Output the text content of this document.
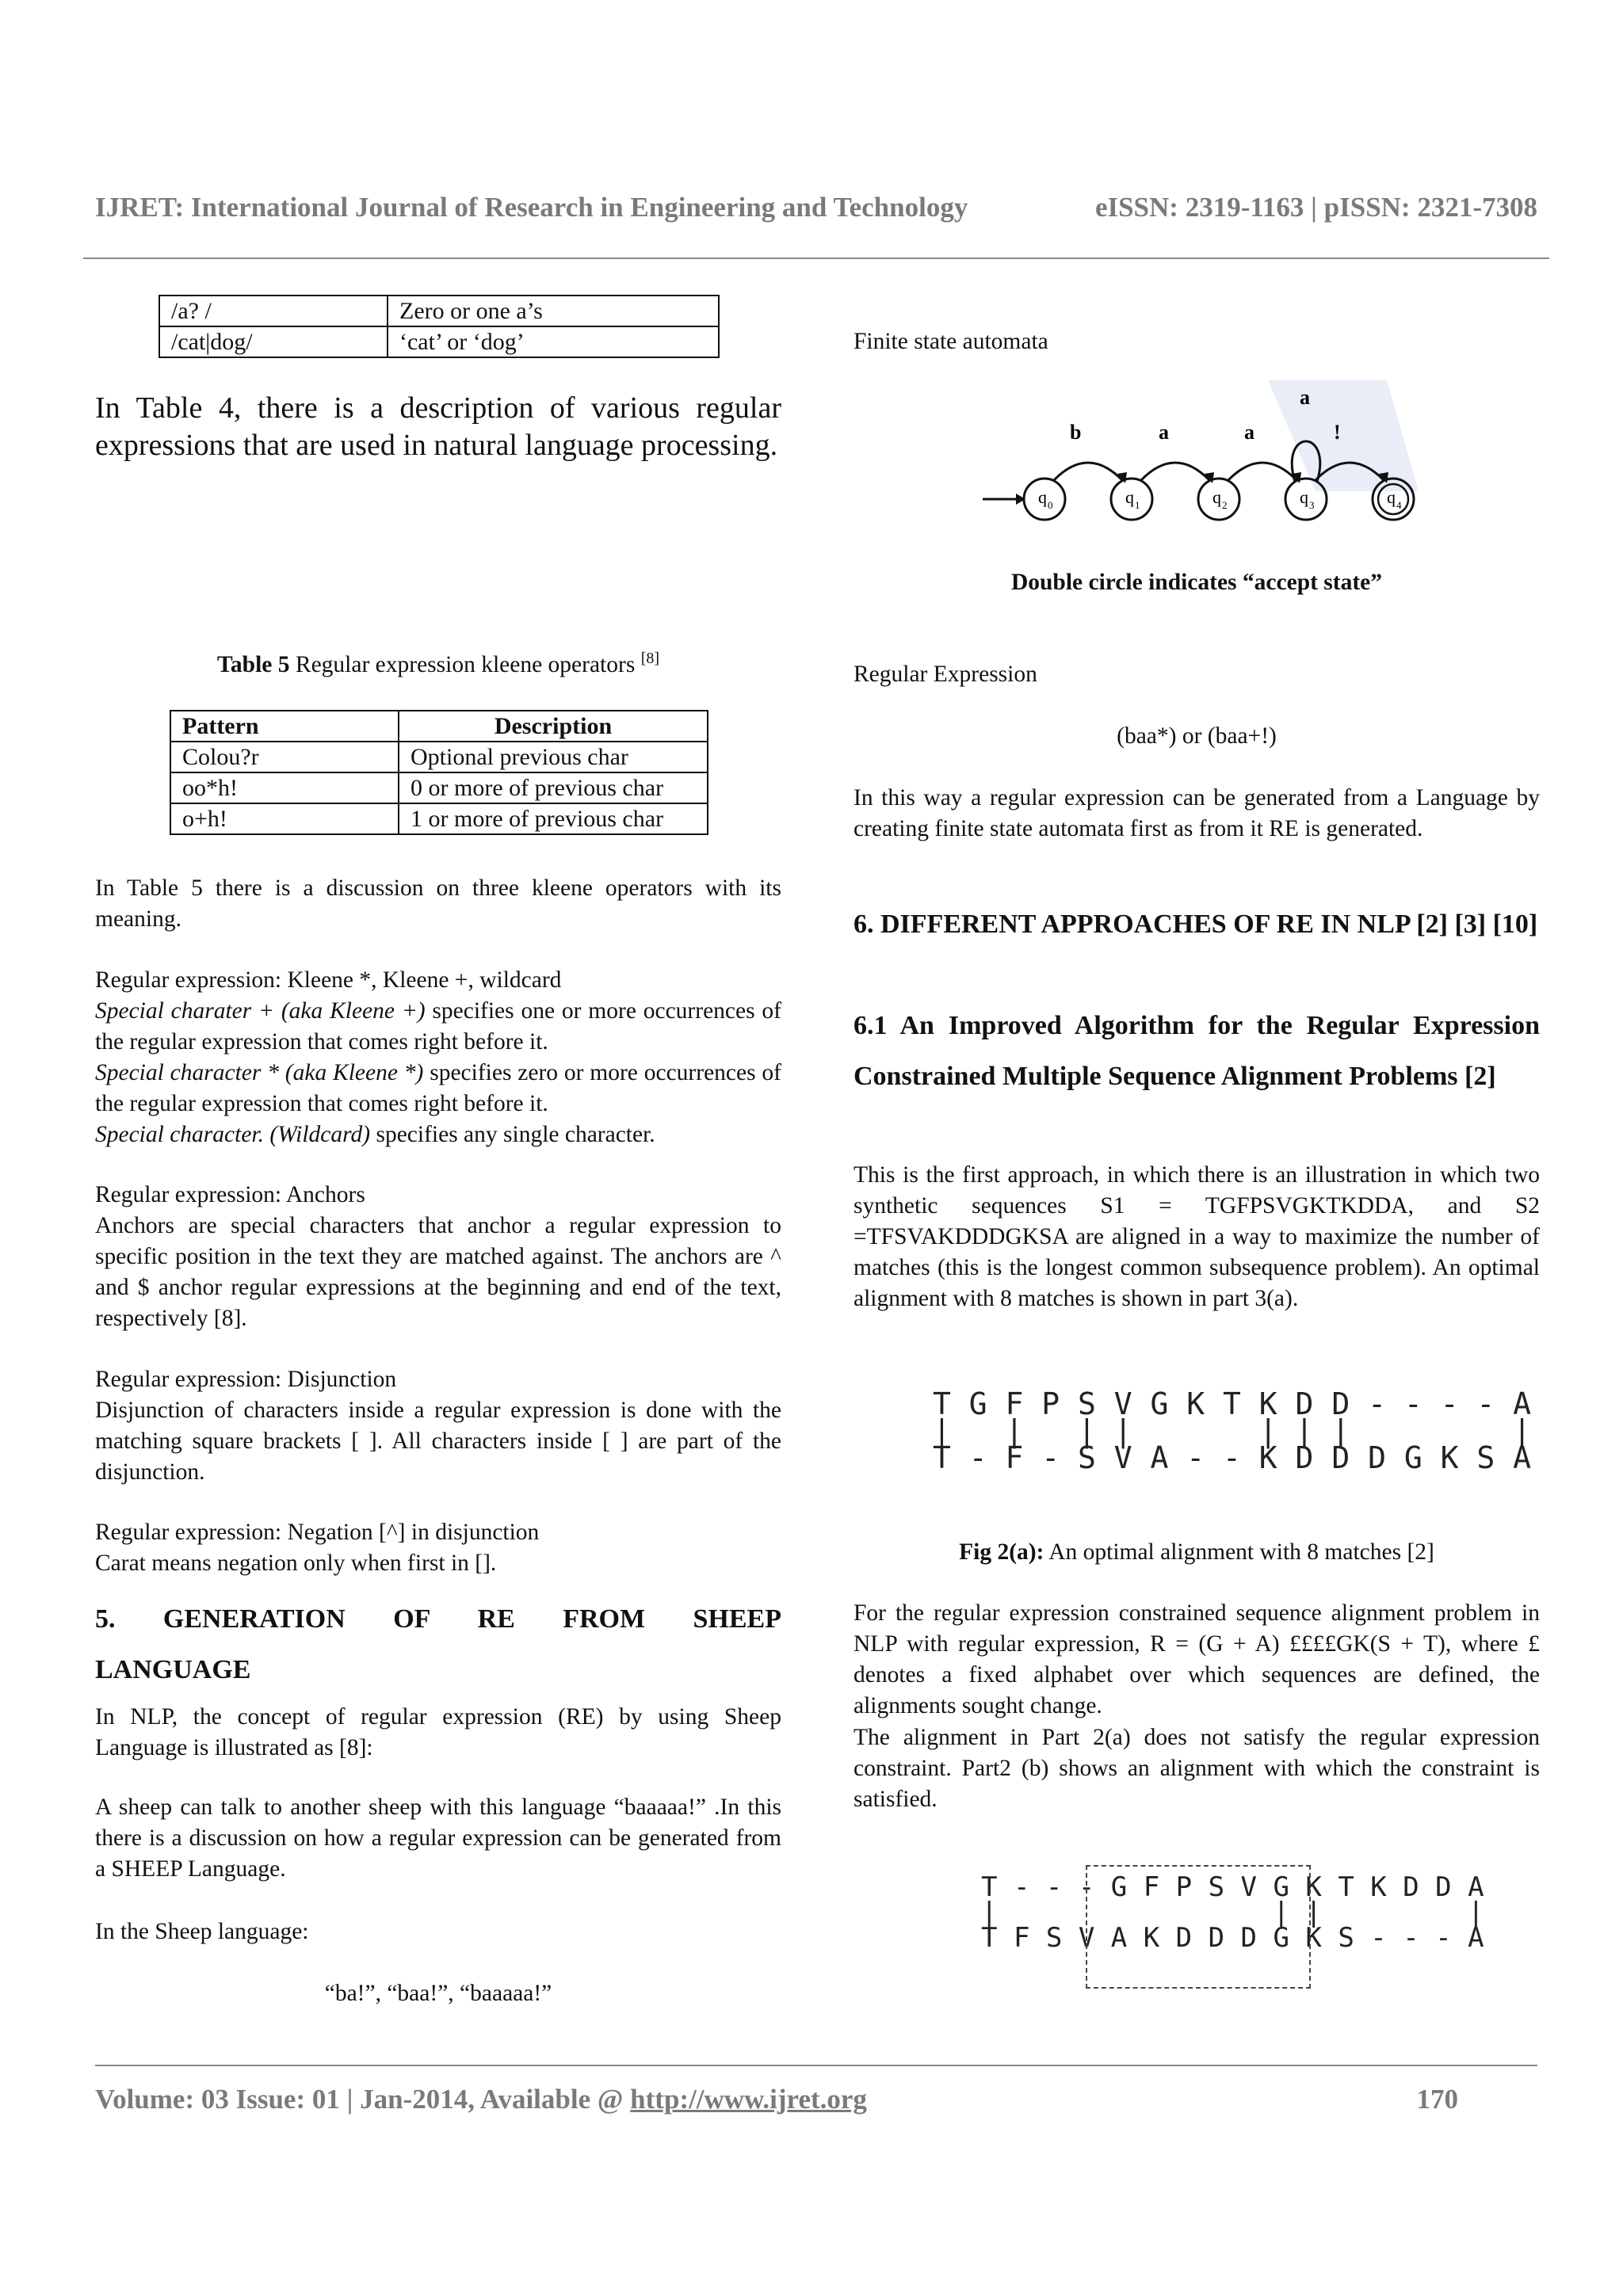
IJRET: International Journal of Research in Engineering and Technology	eISSN: 2319-1163 | pISSN: 2321-7308
/a? /	Zero or one a’s
/cat|dog/	‘cat’ or ‘dog’

In Table 4, there is a description of various regular expressions that are used in natural language processing.

Table 5 Regular expression kleene operators [8]

Pattern	Description
Colou?r	Optional previous char
oo*h!	0 or more of previous char
o+h!	1 or more of previous char

In Table 5 there is a discussion on three kleene operators with its meaning.

Regular expression: Kleene *, Kleene +, wildcard

Special charater + (aka Kleene +) specifies one or more occurrences of the regular expression that comes right before it.

Special character * (aka Kleene *) specifies zero or more occurrences of the regular expression that comes right before it.

Special character. (Wildcard) specifies any single character.

Regular expression: Anchors

Anchors are special characters that anchor a regular expression to specific position in the text they are matched against. The anchors are ^ and $ anchor regular expressions at the beginning and end of the text, respectively [8].

Regular expression: Disjunction

Disjunction of characters inside a regular expression is done with the matching square brackets [ ]. All characters inside [ ] are part of the disjunction.

Regular expression: Negation [^] in disjunction

Carat means negation only when first in [].

5. GENERATION OF RE FROM SHEEP LANGUAGE

In NLP, the concept of regular expression (RE) by using Sheep Language is illustrated as [8]:

A sheep can talk to another sheep with this language “baaaaa!” .In this there is a discussion on how a regular expression can be generated from a SHEEP Language.

In the Sheep language:

“ba!”, “baa!”, “baaaaa!”

Finite state automata

q 0	q 1	q 2	q 3	q 4
b	a	a
a
!

Double circle indicates “accept state”

Regular Expression

(baa*) or (baa+!)

In this way a regular expression can be generated from a Language by creating finite state automata first as from it RE is generated.

6. DIFFERENT APPROACHES OF RE IN NLP [2] [3] [10]

6.1 An Improved Algorithm for the Regular Expression Constrained Multiple Sequence Alignment Problems [2]

This is the first approach, in which there is an illustration in which two synthetic sequences S1 = TGFPSVGKTKDDA, and S2 =TFSVAKDDDGKSA are aligned in a way to maximize the number of matches (this is the longest common subsequence problem). An optimal alignment with 8 matches is shown in part 3(a).

T G F P S V G K T K D D - - - - A
|   |   | |       | | |         |
T - F - S V A - - K D D D G K S A

Fig 2(a): An optimal alignment with 8 matches [2]

For the regular expression constrained sequence alignment problem in NLP with regular expression, R = (G + A) ££££GK(S + T), where £ denotes a fixed alphabet over which sequences are defined, the alignments sought change.

The alignment in Part 2(a) does not satisfy the regular expression constraint. Part2 (b) shows an alignment with which the constraint is satisfied.

T - - - G F P S V G K T K D D A
|                 | |         |
T F S V A K D D D G K S - - - A
Volume: 03 Issue: 01 | Jan-2014, Available @ http://www.ijret.org	170
